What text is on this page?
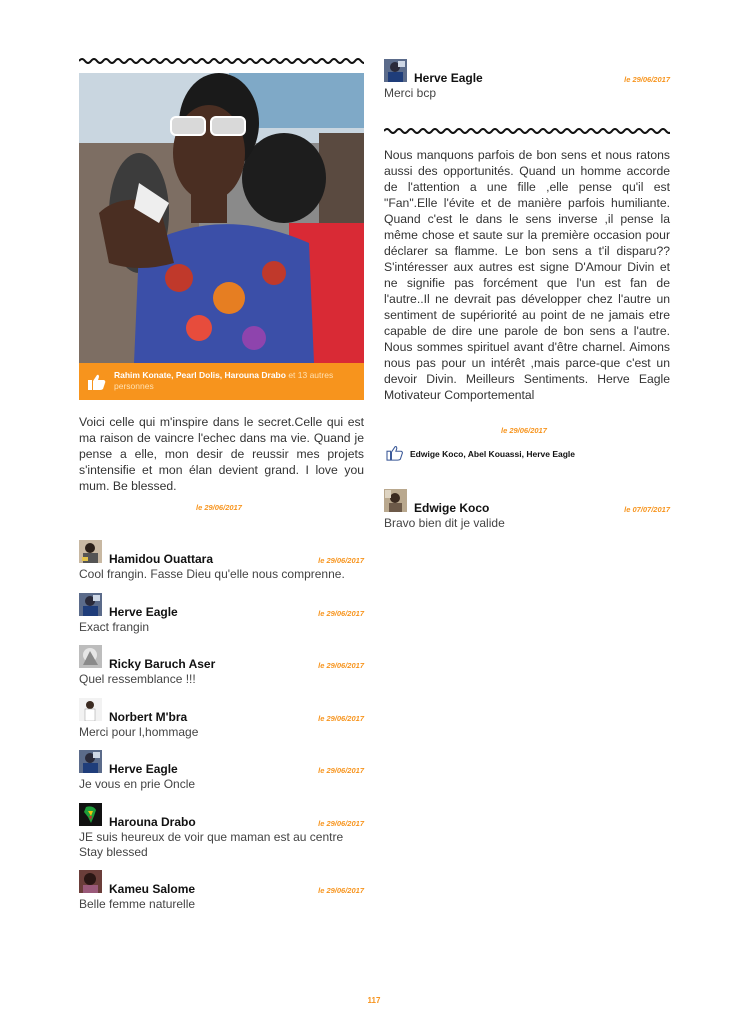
Rahim Konate, Pearl Dolis, Harouna Drabo et 13 autres personnes
Voici celle qui m'inspire dans le secret.Celle qui est ma raison de vaincre l'echec dans ma vie. Quand je pense a elle, mon desir de reussir mes projets s'intensifie et mon élan devient grand. I love you mum. Be blessed.
le 29/06/2017
Hamidou Ouattara	le 29/06/2017
Cool frangin. Fasse Dieu qu'elle nous comprenne.
Herve Eagle	le 29/06/2017
Exact frangin
Ricky Baruch Aser	le 29/06/2017
Quel ressemblance !!!
Norbert M'bra	le 29/06/2017
Merci pour l,hommage
Herve Eagle	le 29/06/2017
Je vous en prie Oncle
Harouna Drabo	le 29/06/2017
JE suis heureux de voir que maman est au centre
Stay blessed
Kameu Salome	le 29/06/2017
Belle femme naturelle
Herve Eagle	le 29/06/2017
Merci bcp
Nous manquons parfois de bon sens et nous ratons aussi des opportunités. Quand un homme accorde de l'attention a une fille ,elle pense qu'il est "Fan".Elle l'évite et de manière parfois humiliante. Quand c'est le dans le sens inverse ,il pense la même chose et saute sur la première occasion pour déclarer sa flamme. Le bon sens a t'il disparu?? S'intéresser aux autres est signe D'Amour Divin et ne signifie pas forcément que l'un est fan de l'autre..Il ne devrait pas développer chez l'autre un sentiment de supériorité au point de ne jamais etre capable de dire une parole de bon sens a l'autre. Nous sommes spirituel avant d'être charnel. Aimons nous pas pour un intérêt ,mais parce-que c'est un devoir Divin. Meilleurs Sentiments. Herve Eagle Motivateur Comportemental
le 29/06/2017
Edwige Koco, Abel Kouassi, Herve Eagle
Edwige Koco	le 07/07/2017
Bravo bien dit je valide
117
